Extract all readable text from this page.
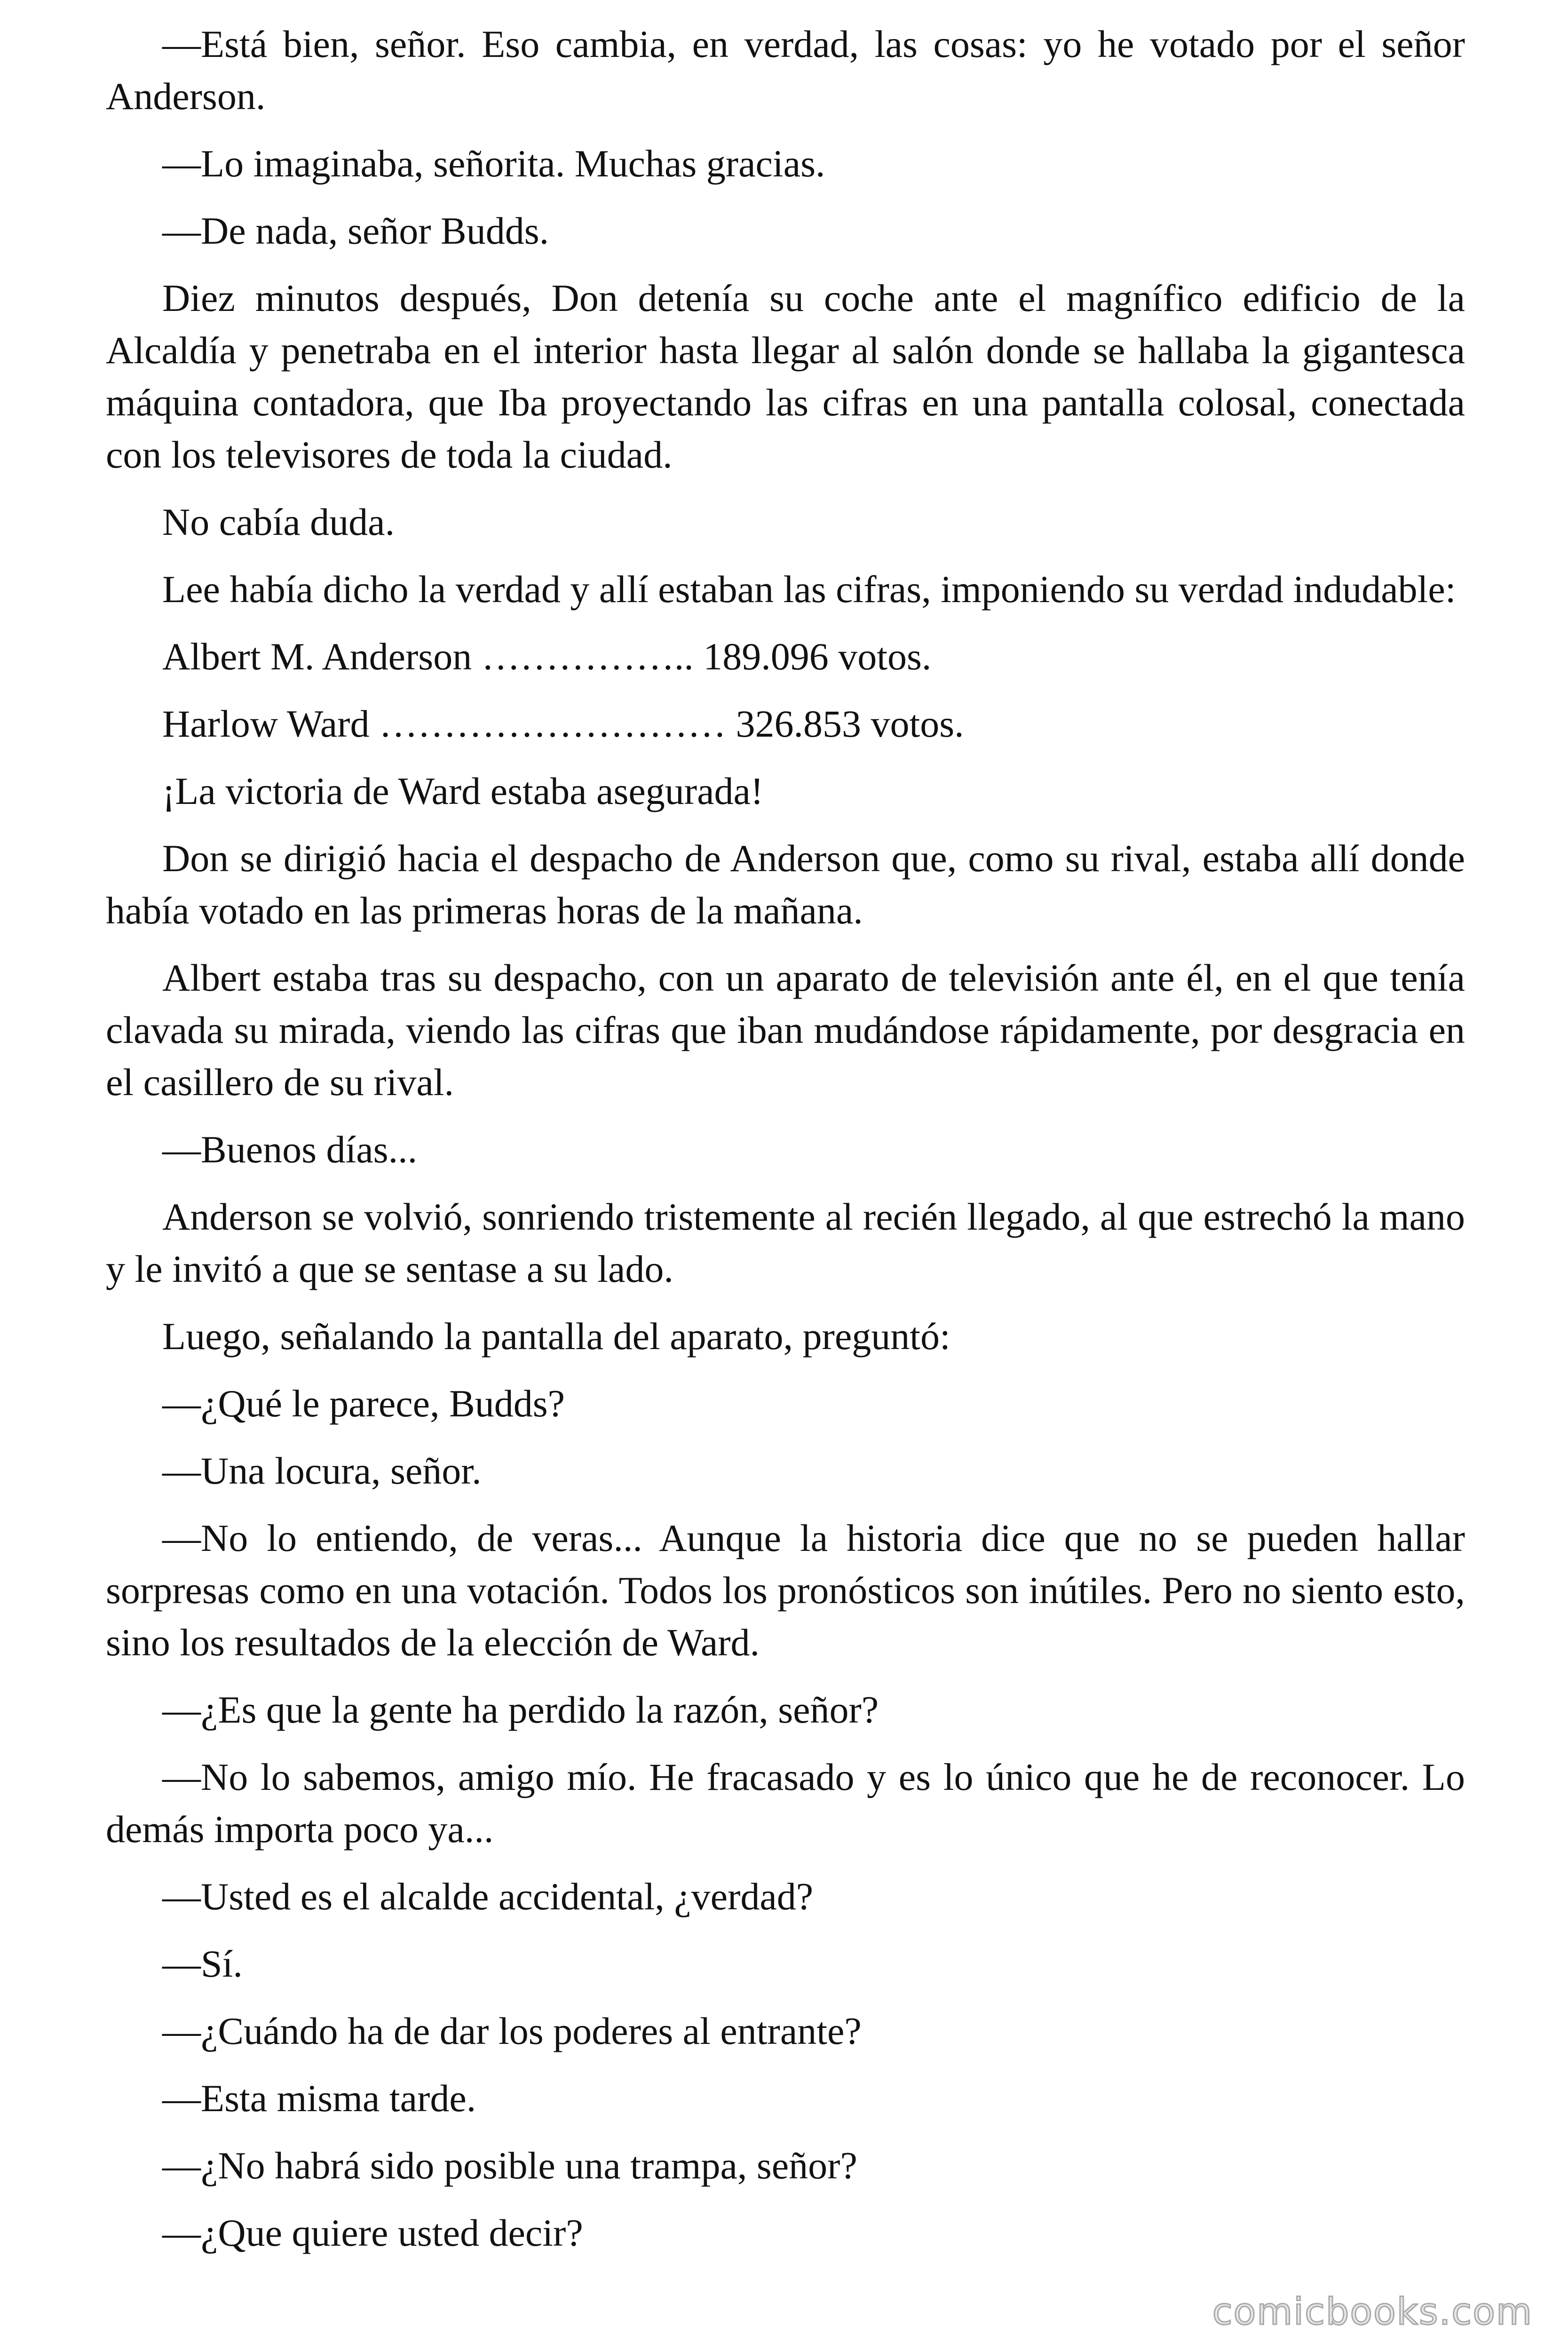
—Está bien, señor. Eso cambia, en verdad, las cosas: yo he votado por el señor Anderson.

—Lo imaginaba, señorita. Muchas gracias.

—De nada, señor Budds.

Diez minutos después, Don detenía su coche ante el magnífico edificio de la Alcaldía y penetraba en el interior hasta llegar al salón donde se hallaba la gigantesca máquina contadora, que Iba proyectando las cifras en una pantalla colosal, conectada con los televisores de toda la ciudad.

No cabía duda.

Lee había dicho la verdad y allí estaban las cifras, imponiendo su verdad indudable:

Albert M. Anderson …………….. 189.096 votos.

Harlow Ward ……………………… 326.853 votos.

¡La victoria de Ward estaba asegurada!

Don se dirigió hacia el despacho de Anderson que, como su rival, estaba allí donde había votado en las primeras horas de la mañana.

Albert estaba tras su despacho, con un aparato de televisión ante él, en el que tenía clavada su mirada, viendo las cifras que iban mudándose rápidamente, por desgracia en el casillero de su rival.

—Buenos días...

Anderson se volvió, sonriendo tristemente al recién llegado, al que estrechó la mano y le invitó a que se sentase a su lado.

Luego, señalando la pantalla del aparato, preguntó:

—¿Qué le parece, Budds?

—Una locura, señor.

—No lo entiendo, de veras... Aunque la historia dice que no se pueden hallar sorpresas como en una votación. Todos los pronósticos son inútiles. Pero no siento esto, sino los resultados de la elección de Ward.

—¿Es que la gente ha perdido la razón, señor?

—No lo sabemos, amigo mío. He fracasado y es lo único que he de reconocer. Lo demás importa poco ya...

—Usted es el alcalde accidental, ¿verdad?

—Sí.

—¿Cuándo ha de dar los poderes al entrante?

—Esta misma tarde.

—¿No habrá sido posible una trampa, señor?

—¿Que quiere usted decir?

comicbooks.com
